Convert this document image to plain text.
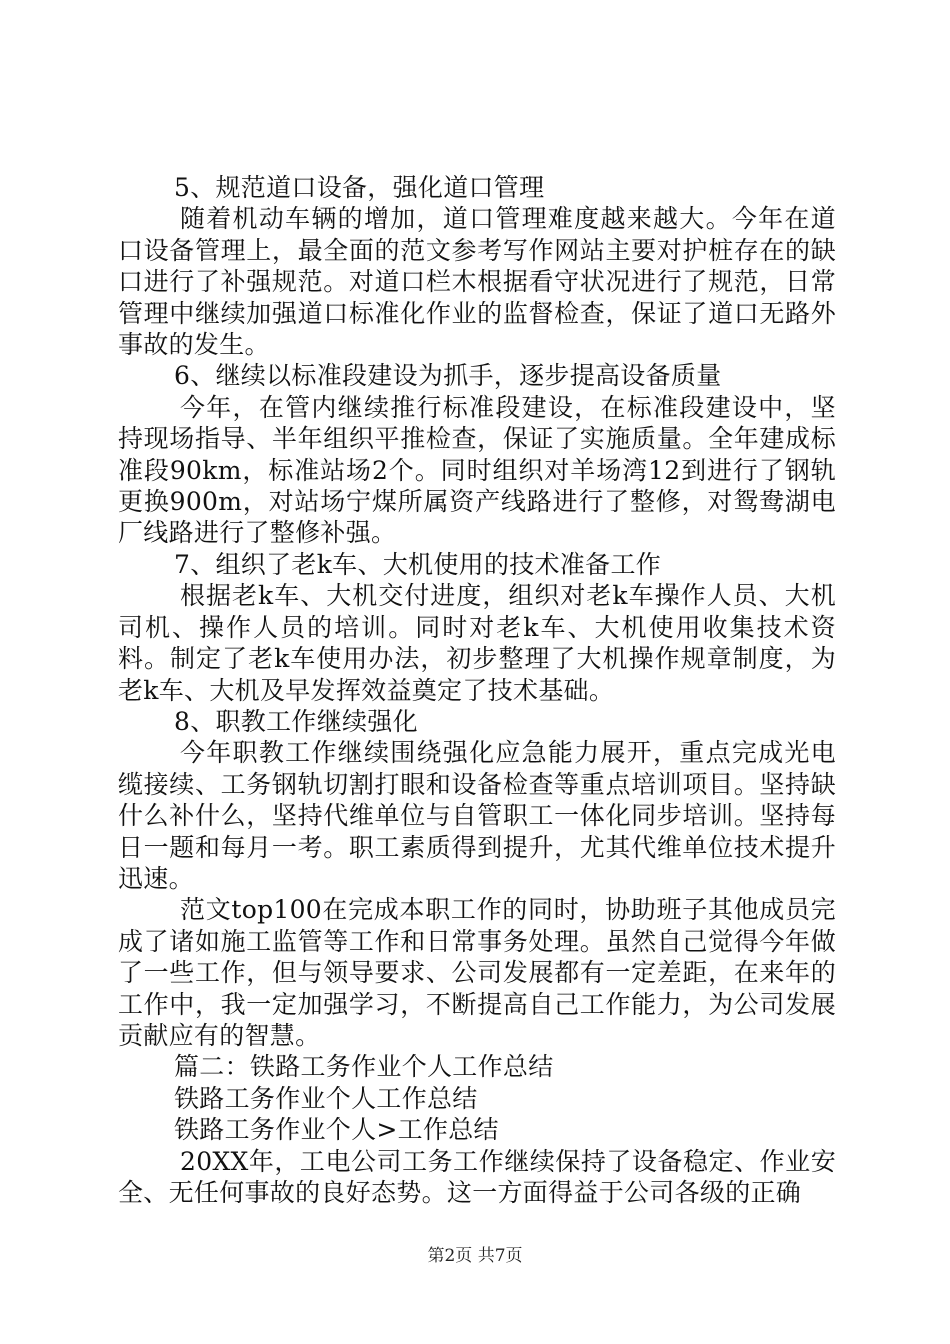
5、规范道口设备，强化道口管理

随着机动车辆的增加，道口管理难度越来越大。今年在道口设备管理上，最全面的范文参考写作网站主要对护桩存在的缺口进行了补强规范。对道口栏木根据看守状况进行了规范，日常管理中继续加强道口标准化作业的监督检查，保证了道口无路外事故的发生。

6、继续以标准段建设为抓手，逐步提高设备质量

今年，在管内继续推行标准段建设，在标准段建设中，坚持现场指导、半年组织平推检查，保证了实施质量。全年建成标准段90km，标准站场2个。同时组织对羊场湾12到进行了钢轨更换900m，对站场宁煤所属资产线路进行了整修，对鸳鸯湖电厂线路进行了整修补强。

7、组织了老k车、大机使用的技术准备工作

根据老k车、大机交付进度，组织对老k车操作人员、大机司机、操作人员的培训。同时对老k车、大机使用收集技术资料。制定了老k车使用办法，初步整理了大机操作规章制度，为老k车、大机及早发挥效益奠定了技术基础。

8、职教工作继续强化

今年职教工作继续围绕强化应急能力展开，重点完成光电缆接续、工务钢轨切割打眼和设备检查等重点培训项目。坚持缺什么补什么，坚持代维单位与自管职工一体化同步培训。坚持每日一题和每月一考。职工素质得到提升，尤其代维单位技术提升迅速。

范文top100在完成本职工作的同时，协助班子其他成员完成了诸如施工监管等工作和日常事务处理。虽然自己觉得今年做了一些工作，但与领导要求、公司发展都有一定差距，在来年的工作中，我一定加强学习，不断提高自己工作能力，为公司发展贡献应有的智慧。

篇二：铁路工务作业个人工作总结

铁路工务作业个人工作总结

铁路工务作业个人>工作总结

20XX年，工电公司工务工作继续保持了设备稳定、作业安全、无任何事故的良好态势。这一方面得益于公司各级的正确

第2页 共7页
